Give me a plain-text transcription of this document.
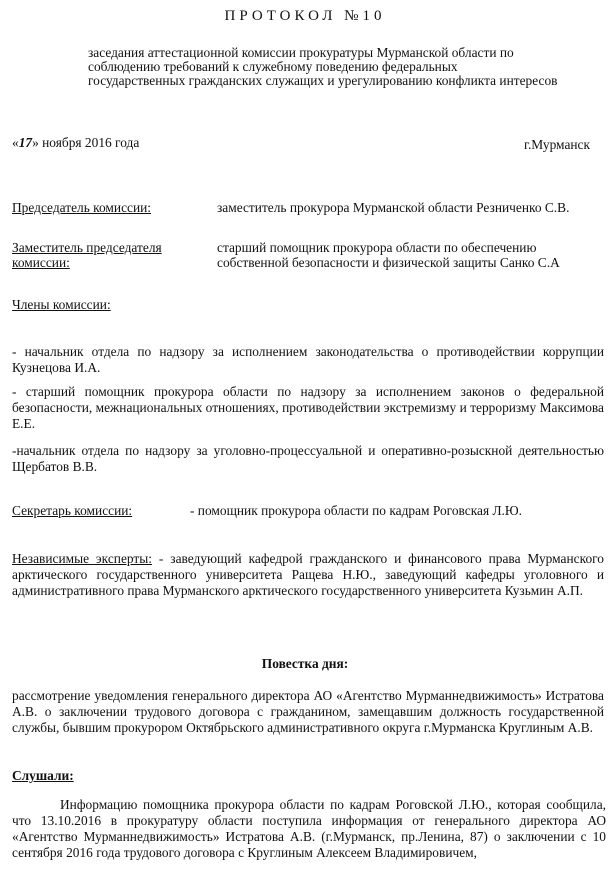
ПРОТОКОЛ №10
заседания аттестационной комиссии прокуратуры Мурманской области по соблюдению требований к служебному поведению федеральных государственных гражданских служащих и урегулированию конфликта интересов
«17» ноября 2016 года	г.Мурманск
Председатель комиссии:	заместитель прокурора Мурманской области Резниченко С.В.
Заместитель председателя комиссии:
старший помощник прокурора области по обеспечению собственной безопасности и физической защиты Санко С.А
Члены комиссии:
- начальник отдела по надзору за исполнением законодательства о противодействии коррупции Кузнецова И.А.
- старший помощник прокурора области по надзору за исполнением законов о федеральной безопасности, межнациональных отношениях, противодействии экстремизму и терроризму Максимова Е.Е.
-начальник отдела по надзору за уголовно-процессуальной и оперативно-розыскной деятельностью Щербатов В.В.
Секретарь комиссии:	- помощник прокурора области по кадрам Роговская Л.Ю.
Независимые эксперты: - заведующий кафедрой гражданского и финансового права Мурманского арктического государственного университета Ращева Н.Ю., заведующий кафедры уголовного и административного права Мурманского арктического государственного университета Кузьмин А.П.
Повестка дня:
рассмотрение уведомления генерального директора АО «Агентство Мурманнедвижимость» Истратова А.В. о заключении трудового договора с гражданином, замещавшим должность государственной службы, бывшим прокурором Октябрьского административного округа г.Мурманска Круглиным А.В.
Слушали:
Информацию помощника прокурора области по кадрам Роговской Л.Ю., которая сообщила, что 13.10.2016 в прокуратуру области поступила информация от генерального директора АО «Агентство Мурманнедвижимость» Истратова А.В. (г.Мурманск, пр.Ленина, 87) о заключении с 10 сентября 2016 года трудового договора с Круглиным Алексеем Владимировичем,
